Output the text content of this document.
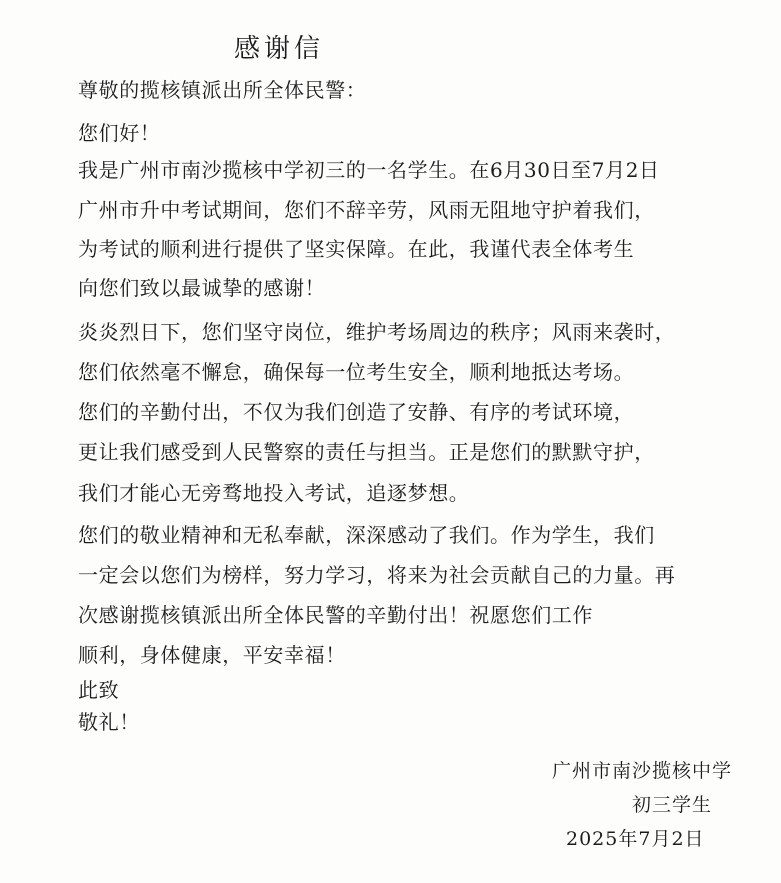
感谢信
尊敬的揽核镇派出所全体民警：
您们好！
我是广州市南沙揽核中学初三的一名学生。在6月30日至7月2日
广州市升中考试期间，您们不辞辛劳，风雨无阻地守护着我们，
为考试的顺利进行提供了坚实保障。在此，我谨代表全体考生
向您们致以最诚挚的感谢！
炎炎烈日下，您们坚守岗位，维护考场周边的秩序；风雨来袭时，
您们依然毫不懈怠，确保每一位考生安全，顺利地抵达考场。
您们的辛勤付出，不仅为我们创造了安静、有序的考试环境，
更让我们感受到人民警察的责任与担当。正是您们的默默守护，
我们才能心无旁骛地投入考试，追逐梦想。
您们的敬业精神和无私奉献，深深感动了我们。作为学生，我们
一定会以您们为榜样，努力学习，将来为社会贡献自己的力量。再
次感谢揽核镇派出所全体民警的辛勤付出！祝愿您们工作
顺利，身体健康，平安幸福！
此致
敬礼！
广州市南沙揽核中学
初三学生
2025年7月2日
